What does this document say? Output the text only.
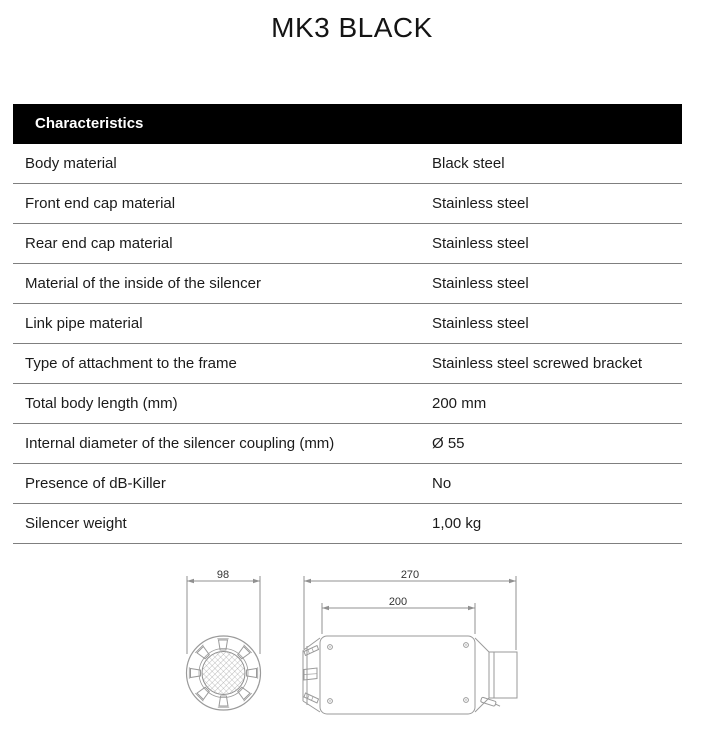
MK3 BLACK
Characteristics
Body material	Black steel
Front end cap material	Stainless steel
Rear end cap material	Stainless steel
Material of the inside of the silencer	Stainless steel
Link pipe material	Stainless steel
Type of attachment to the frame	Stainless steel screwed bracket
Total body length (mm)	200 mm
Internal diameter of the silencer coupling (mm)	Ø 55
Presence of dB-Killer	No
Silencer weight	1,00 kg
98	270
200
